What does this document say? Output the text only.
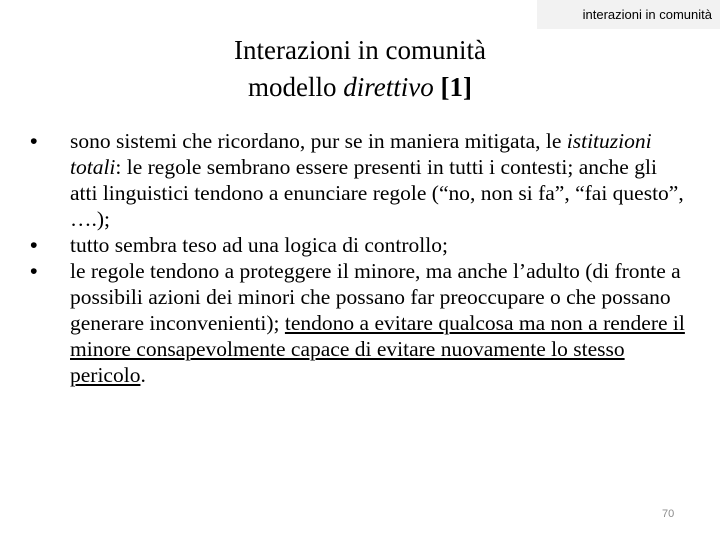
interazioni in comunità
Interazioni in comunità
modello direttivo [1]
• sono sistemi che ricordano, pur se in maniera mitigata, le istituzioni totali: le regole sembrano essere presenti in tutti i contesti; anche gli atti linguistici tendono a enunciare regole (“no, non si fa”, “fai questo”, ….);
• tutto sembra teso ad una logica di controllo;
• le regole tendono a proteggere il minore, ma anche l’adulto (di fronte a possibili azioni dei minori che possano far preoccupare o che possano generare inconvenienti); tendono a evitare qualcosa ma non a rendere il minore consapevolmente capace di evitare nuovamente lo stesso pericolo.
70
